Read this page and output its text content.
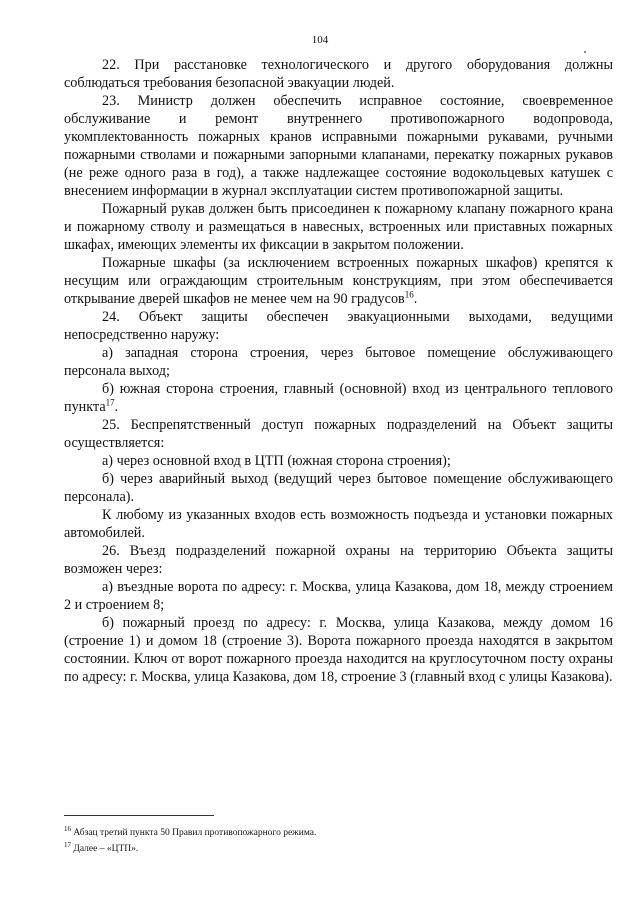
104

22. При расстановке технологического и другого оборудования должны соблюдаться требования безопасной эвакуации людей.

23. Министр должен обеспечить исправное состояние, своевременное обслуживание и ремонт внутреннего противопожарного водопровода, укомплектованность пожарных кранов исправными пожарными рукавами, ручными пожарными стволами и пожарными запорными клапанами, перекатку пожарных рукавов (не реже одного раза в год), а также надлежащее состояние водокольцевых катушек с внесением информации в журнал эксплуатации систем противопожарной защиты.

Пожарный рукав должен быть присоединен к пожарному клапану пожарного крана и пожарному стволу и размещаться в навесных, встроенных или приставных пожарных шкафах, имеющих элементы их фиксации в закрытом положении.

Пожарные шкафы (за исключением встроенных пожарных шкафов) крепятся к несущим или ограждающим строительным конструкциям, при этом обеспечивается открывание дверей шкафов не менее чем на 90 градусов$^{16}$.

24. Объект защиты обеспечен эвакуационными выходами, ведущими непосредственно наружу:

а) западная сторона строения, через бытовое помещение обслуживающего персонала выход;

б) южная сторона строения, главный (основной) вход из центрального теплового пункта$^{17}$.

25. Беспрепятственный доступ пожарных подразделений на Объект защиты осуществляется:

а) через основной вход в ЦТП (южная сторона строения);

б) через аварийный выход (ведущий через бытовое помещение обслуживающего персонала).

К любому из указанных входов есть возможность подъезда и установки пожарных автомобилей.

26. Въезд подразделений пожарной охраны на территорию Объекта защиты возможен через:

а) въездные ворота по адресу: г. Москва, улица Казакова, дом 18, между строением 2 и строением 8;

б) пожарный проезд по адресу: г. Москва, улица Казакова, между домом 16 (строение 1) и домом 18 (строение 3). Ворота пожарного проезда находятся в закрытом состоянии. Ключ от ворот пожарного проезда находится на круглосуточном посту охраны по адресу: г. Москва, улица Казакова, дом 18, строение 3 (главный вход с улицы Казакова).

$^{16}$ Абзац третий пункта 50 Правил противопожарного режима.

$^{17}$ Далее – «ЦТП».
